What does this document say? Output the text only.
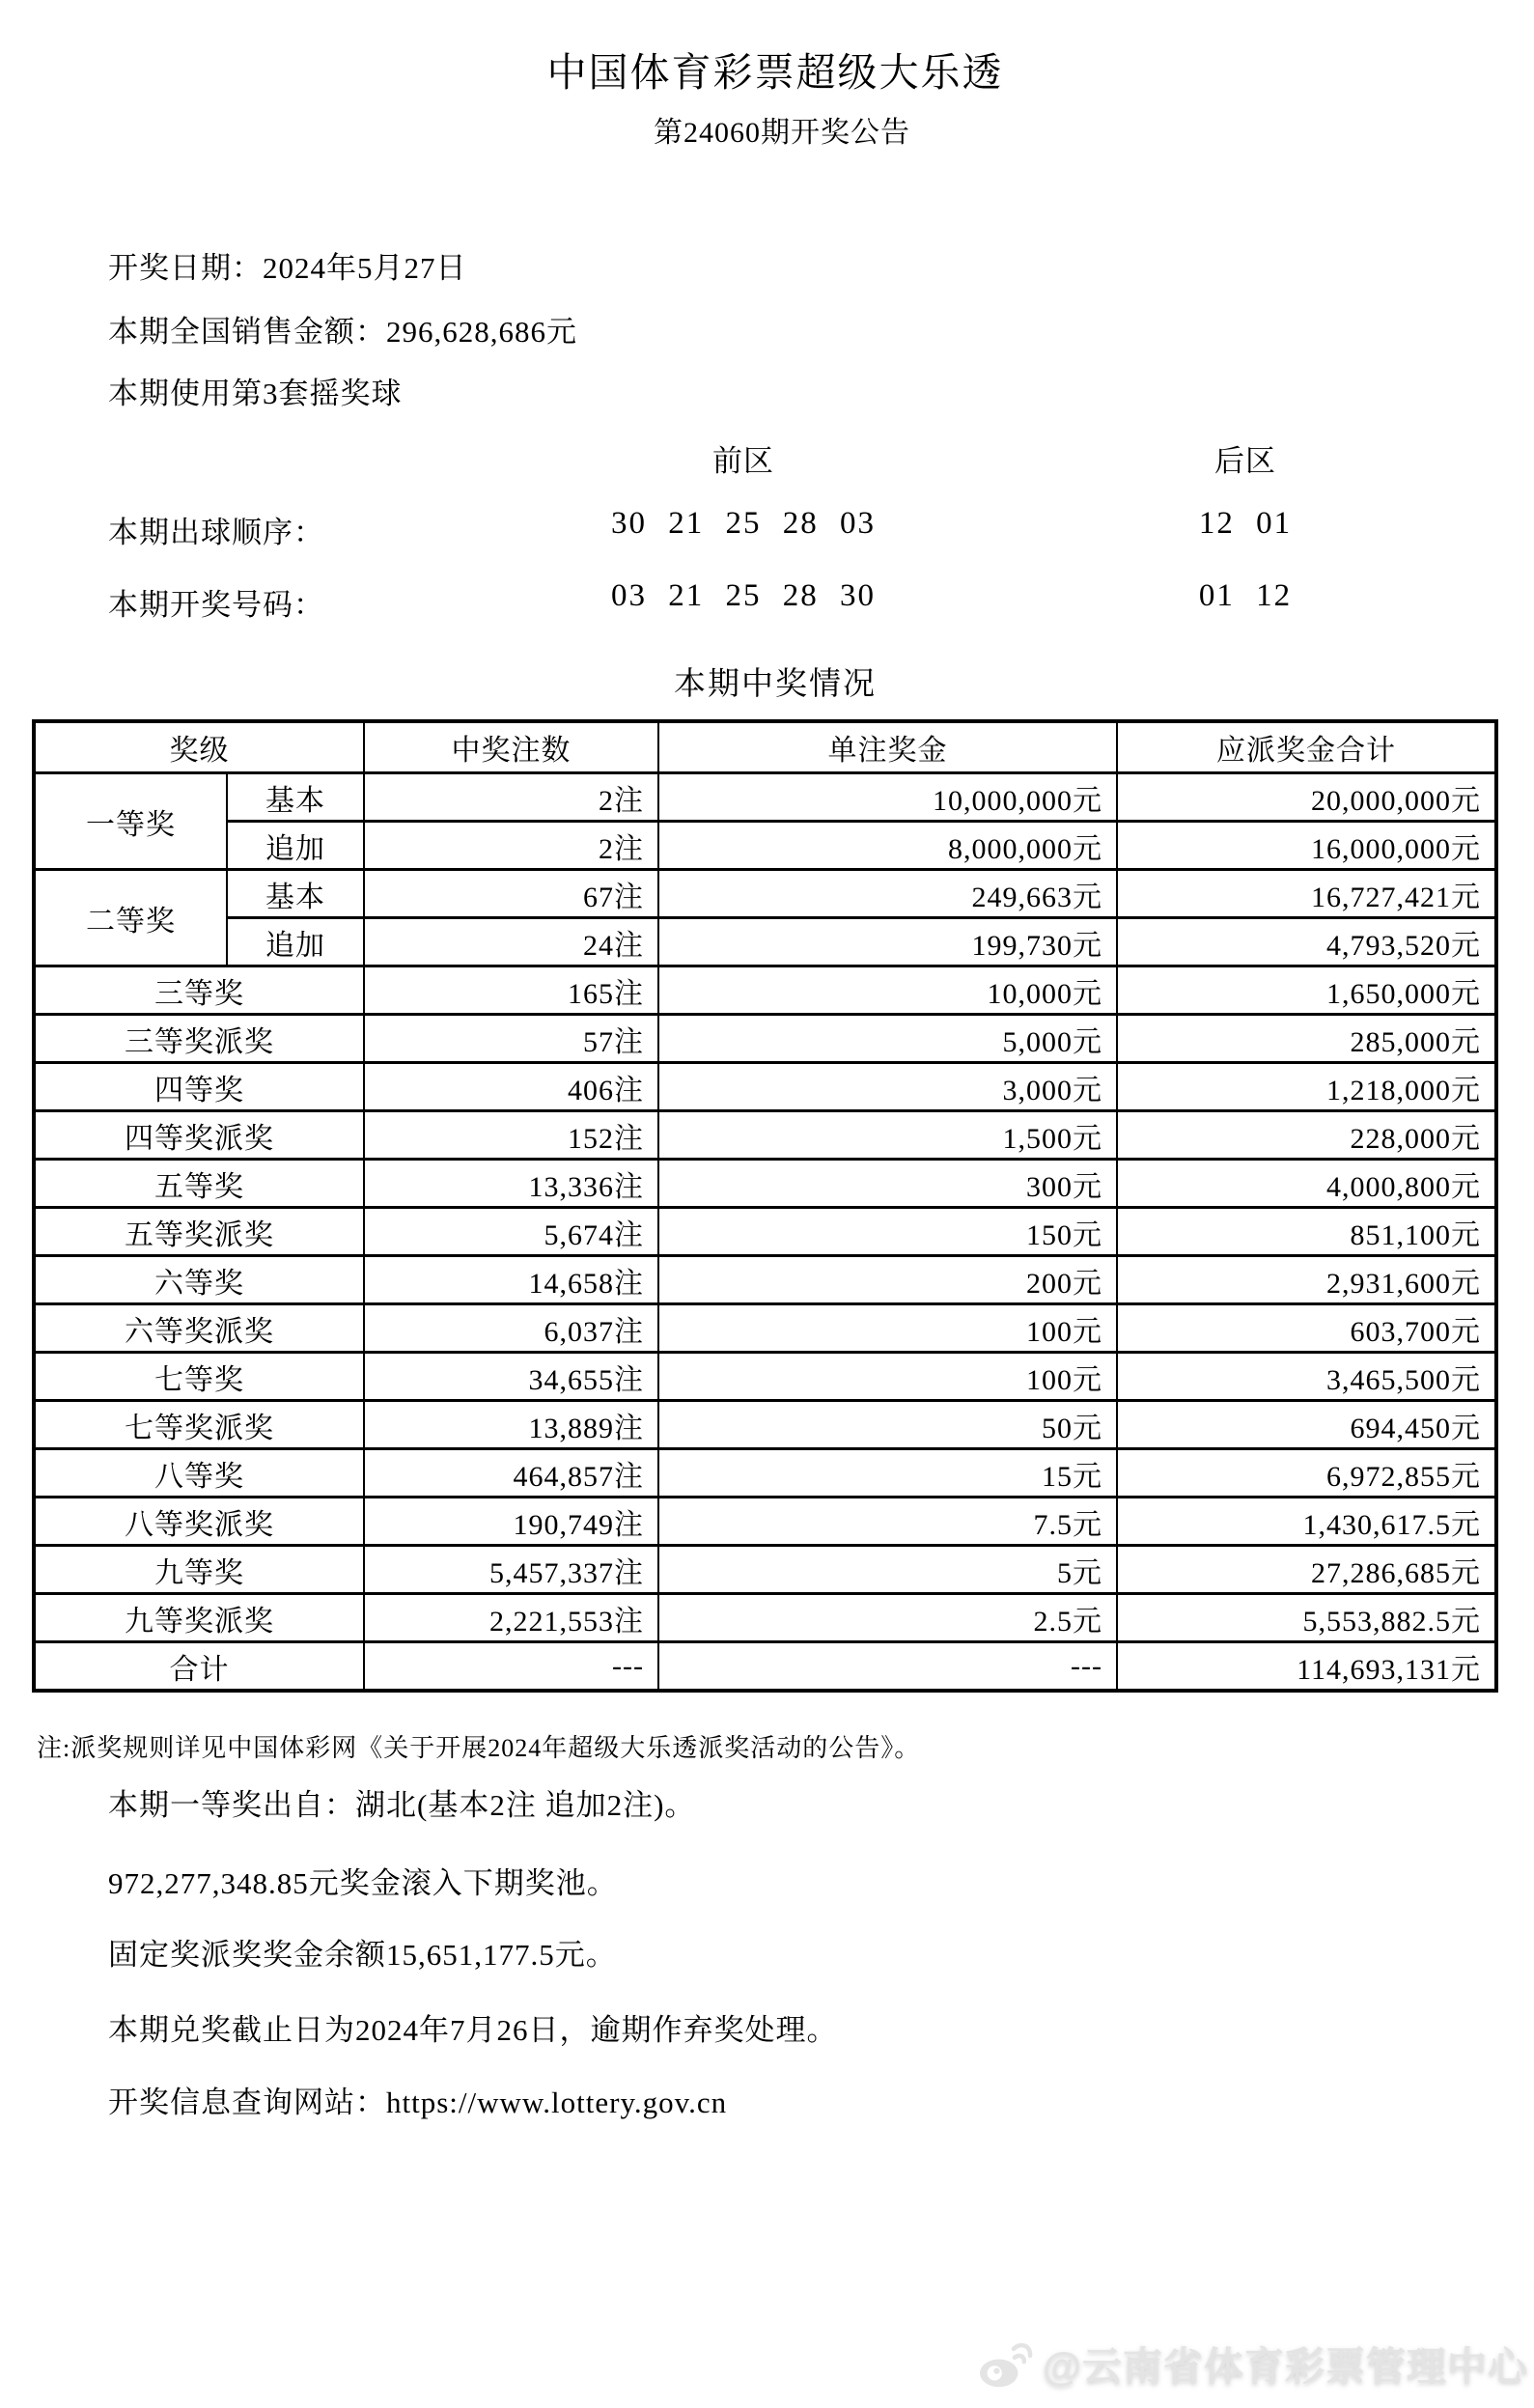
中国体育彩票超级大乐透
第24060期开奖公告
开奖日期：2024年5月27日
本期全国销售金额：296,628,686元
本期使用第3套摇奖球
前区	后区
本期出球顺序：	30 21 25 28 03	12 01
本期开奖号码：	03 21 25 28 30	01 12
本期中奖情况
奖级		中奖注数	单注奖金	应派奖金合计
一等奖	基本	2注	10,000,000元	20,000,000元
	追加	2注	8,000,000元	16,000,000元
二等奖	基本	67注	249,663元	16,727,421元
	追加	24注	199,730元	4,793,520元
三等奖		165注	10,000元	1,650,000元
三等奖派奖		57注	5,000元	285,000元
四等奖		406注	3,000元	1,218,000元
四等奖派奖		152注	1,500元	228,000元
五等奖		13,336注	300元	4,000,800元
五等奖派奖		5,674注	150元	851,100元
六等奖		14,658注	200元	2,931,600元
六等奖派奖		6,037注	100元	603,700元
七等奖		34,655注	100元	3,465,500元
七等奖派奖		13,889注	50元	694,450元
八等奖		464,857注	15元	6,972,855元
八等奖派奖		190,749注	7.5元	1,430,617.5元
九等奖		5,457,337注	5元	27,286,685元
九等奖派奖		2,221,553注	2.5元	5,553,882.5元
合计		---	---	114,693,131元
注:派奖规则详见中国体彩网《关于开展2024年超级大乐透派奖活动的公告》。
本期一等奖出自：湖北(基本2注 追加2注)。
972,277,348.85元奖金滚入下期奖池。
固定奖派奖奖金余额15,651,177.5元。
本期兑奖截止日为2024年7月26日，逾期作弃奖处理。
开奖信息查询网站：https://www.lottery.gov.cn
@云南省体育彩票管理中心
